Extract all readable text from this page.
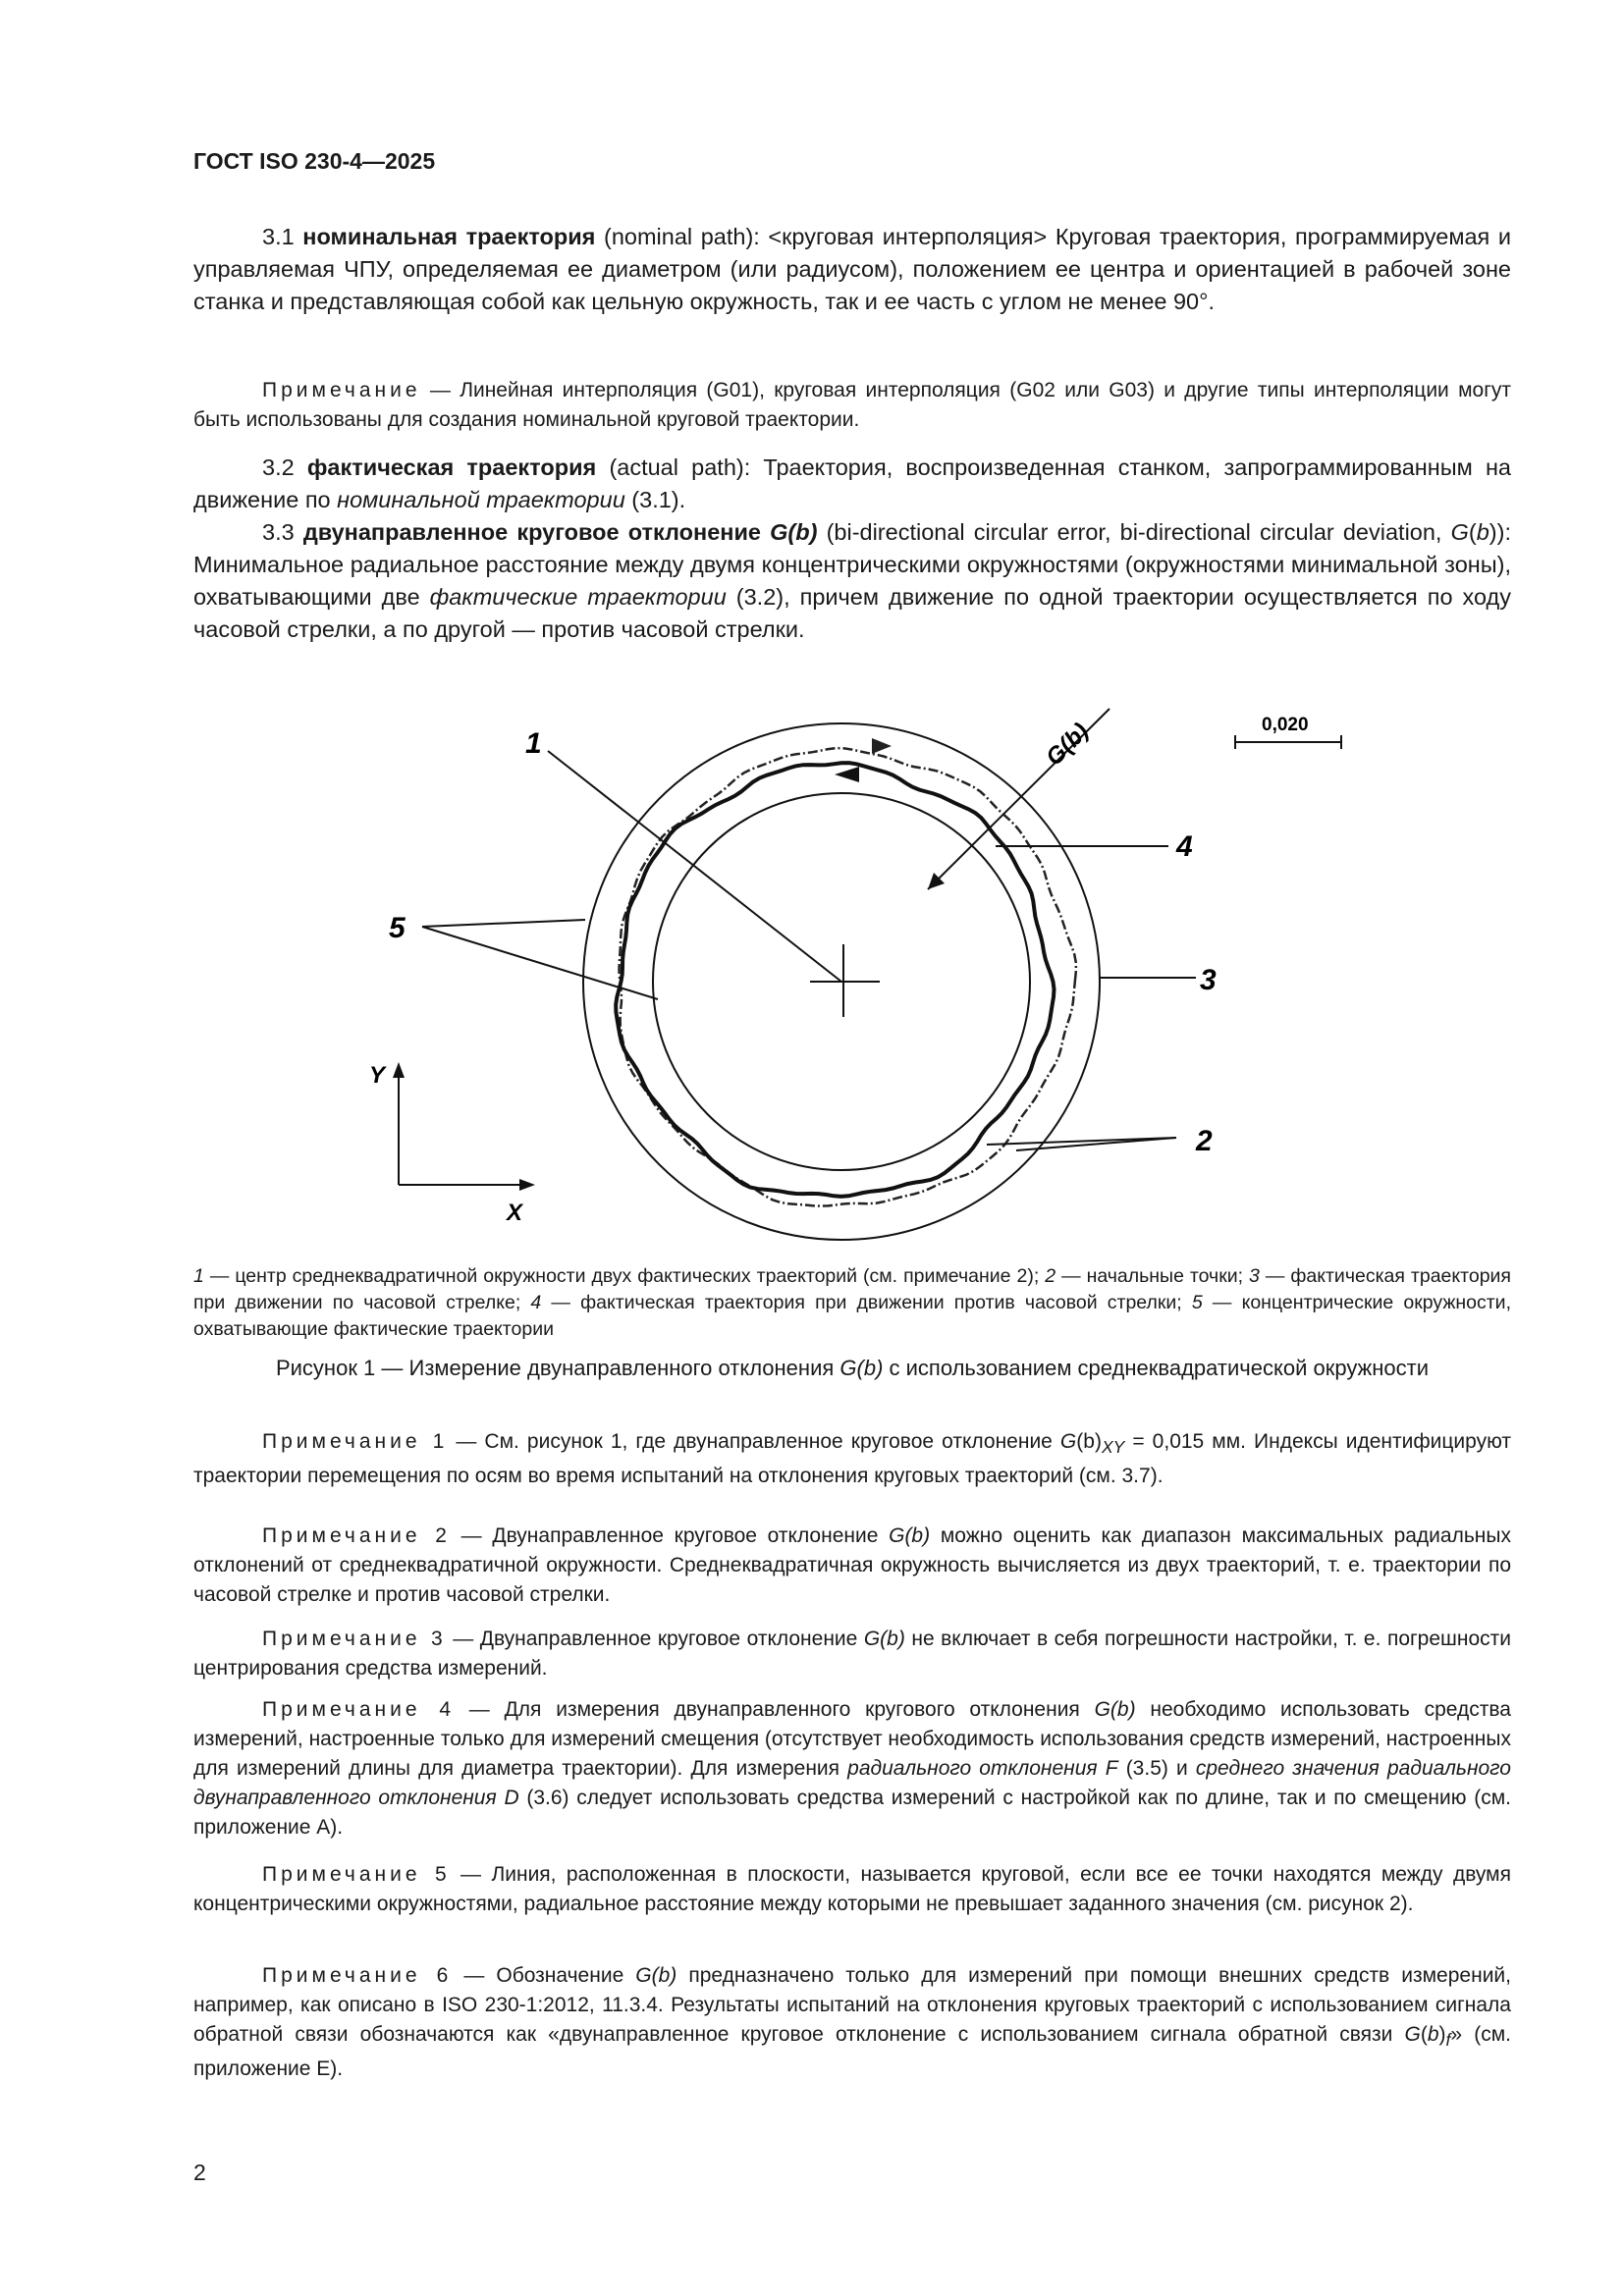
ГОСТ ISO 230-4—2025
3.1 номинальная траектория (nominal path): <круговая интерполяция> Круговая траектория, программируемая и управляемая ЧПУ, определяемая ее диаметром (или радиусом), положением ее центра и ориентацией в рабочей зоне станка и представляющая собой как цельную окружность, так и ее часть с углом не менее 90°.
Примечание — Линейная интерполяция (G01), круговая интерполяция (G02 или G03) и другие типы интерполяции могут быть использованы для создания номинальной круговой траектории.
3.2 фактическая траектория (actual path): Траектория, воспроизведенная станком, запрограммированным на движение по номинальной траектории (3.1).
3.3 двунаправленное круговое отклонение G(b) (bi-directional circular error, bi-directional circular deviation, G(b)): Минимальное радиальное расстояние между двумя концентрическими окружностями (окружностями минимальной зоны), охватывающими две фактические траектории (3.2), причем движение по одной траектории осуществляется по ходу часовой стрелки, а по другой — против часовой стрелки.
1	G(b)	0,020
4
3
5
2
Y
X
1 — центр среднеквадратичной окружности двух фактических траекторий (см. примечание 2); 2 — начальные точки; 3 — фактическая траектория при движении по часовой стрелке; 4 — фактическая траектория при движении против часовой стрелки; 5 — концентрические окружности, охватывающие фактические траектории
Рисунок 1 — Измерение двунаправленного отклонения G(b) с использованием среднеквадратической окружности
Примечание 1 — См. рисунок 1, где двунаправленное круговое отклонение $G(b)_{XY} = 0,015$ мм. Индексы идентифицируют траектории перемещения по осям во время испытаний на отклонения круговых траекторий (см. 3.7).
Примечание 2 — Двунаправленное круговое отклонение G(b) можно оценить как диапазон максимальных радиальных отклонений от среднеквадратичной окружности. Среднеквадратичная окружность вычисляется из двух траекторий, т. е. траектории по часовой стрелке и против часовой стрелки.
Примечание 3 — Двунаправленное круговое отклонение G(b) не включает в себя погрешности настройки, т. е. погрешности центрирования средства измерений.
Примечание 4 — Для измерения двунаправленного кругового отклонения G(b) необходимо использовать средства измерений, настроенные только для измерений смещения (отсутствует необходимость использования средств измерений, настроенных для измерений длины для диаметра траектории). Для измерения радиального отклонения F (3.5) и среднего значения радиального двунаправленного отклонения D (3.6) следует использовать средства измерений с настройкой как по длине, так и по смещению (см. приложение А).
Примечание 5 — Линия, расположенная в плоскости, называется круговой, если все ее точки находятся между двумя концентрическими окружностями, радиальное расстояние между которыми не превышает заданного значения (см. рисунок 2).
Примечание 6 — Обозначение G(b) предназначено только для измерений при помощи внешних средств измерений, например, как описано в ISO 230-1:2012, 11.3.4. Результаты испытаний на отклонения круговых траекторий с использованием сигнала обратной связи обозначаются как «двунаправленное круговое отклонение с использованием сигнала обратной связи $G(b)_f$» (см. приложение Е).
2
